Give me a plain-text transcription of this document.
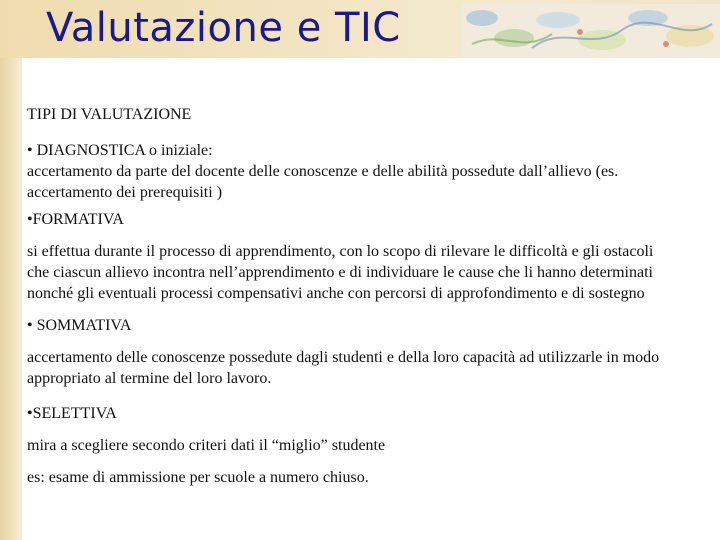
Valutazione e TIC

TIPI DI VALUTAZIONE

• DIAGNOSTICA o iniziale:

accertamento da parte del docente delle conoscenze e delle abilità possedute dall’allievo (es. accertamento dei prerequisiti )

•FORMATIVA

si effettua durante il processo di apprendimento, con lo scopo di rilevare le difficoltà e gli ostacoli che ciascun allievo incontra nell’apprendimento e di individuare le cause che li hanno determinati nonché gli eventuali processi compensativi anche con percorsi di approfondimento e di sostegno

• SOMMATIVA

accertamento delle conoscenze possedute dagli studenti e della loro capacità ad utilizzarle in modo appropriato al termine del loro lavoro.

•SELETTIVA

mira a scegliere secondo criteri dati il “miglio” studente

es: esame di ammissione per scuole a numero chiuso.
